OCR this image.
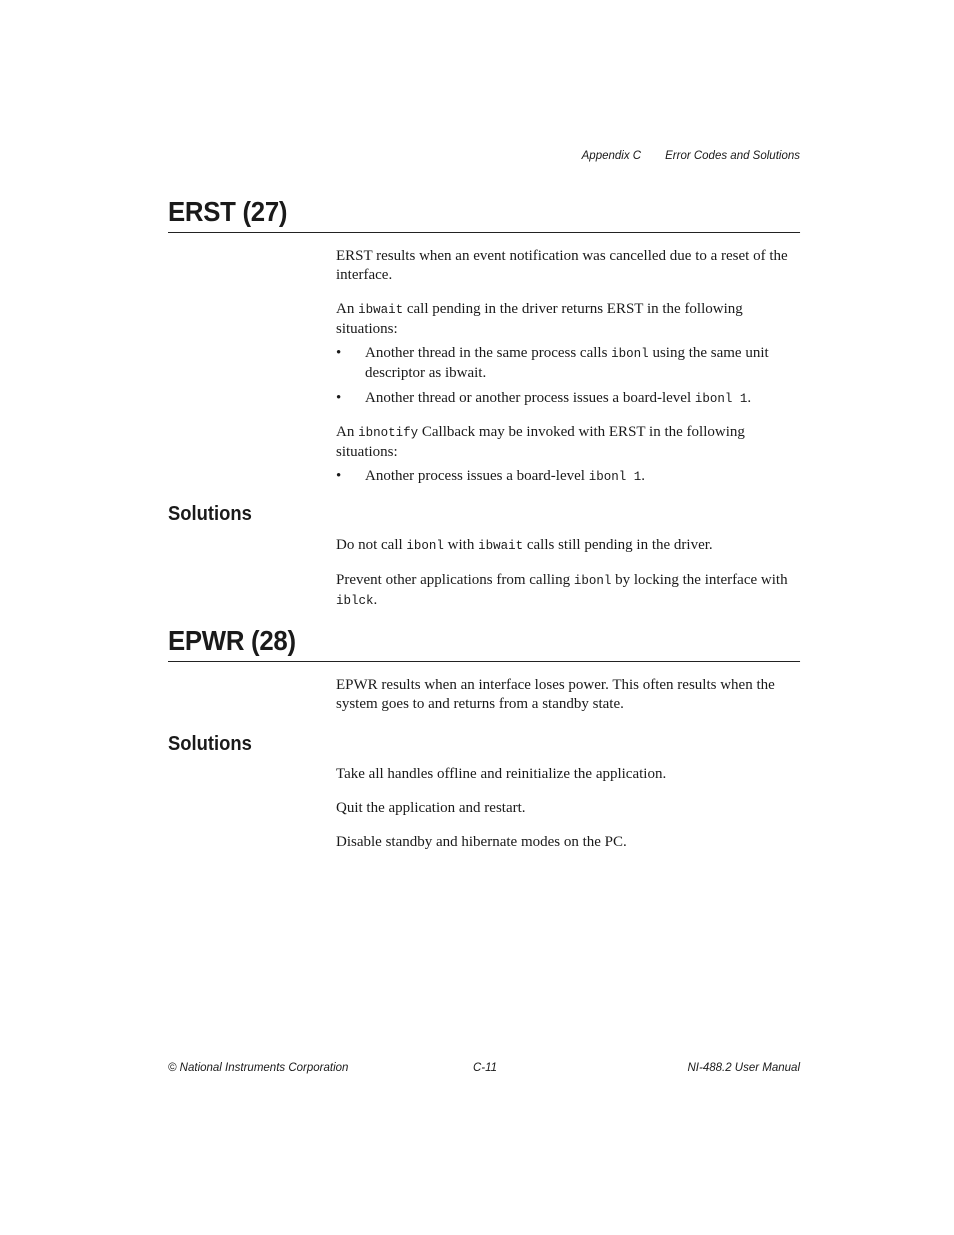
Appendix C Error Codes and Solutions
ERST (27)

ERST results when an event notification was cancelled due to a reset of the interface.

An ibwait call pending in the driver returns ERST in the following situations:

• Another thread in the same process calls ibonl using the same unit descriptor as ibwait.
• Another thread or another process issues a board-level ibonl 1.

An ibnotify Callback may be invoked with ERST in the following situations:

• Another process issues a board-level ibonl 1.
Solutions

Do not call ibonl with ibwait calls still pending in the driver.

Prevent other applications from calling ibonl by locking the interface with iblck.

EPWR (28)

EPWR results when an interface loses power. This often results when the system goes to and returns from a standby state.

Solutions

Take all handles offline and reinitialize the application.

Quit the application and restart.

Disable standby and hibernate modes on the PC.

© National Instruments Corporation	C-11	NI-488.2 User Manual
